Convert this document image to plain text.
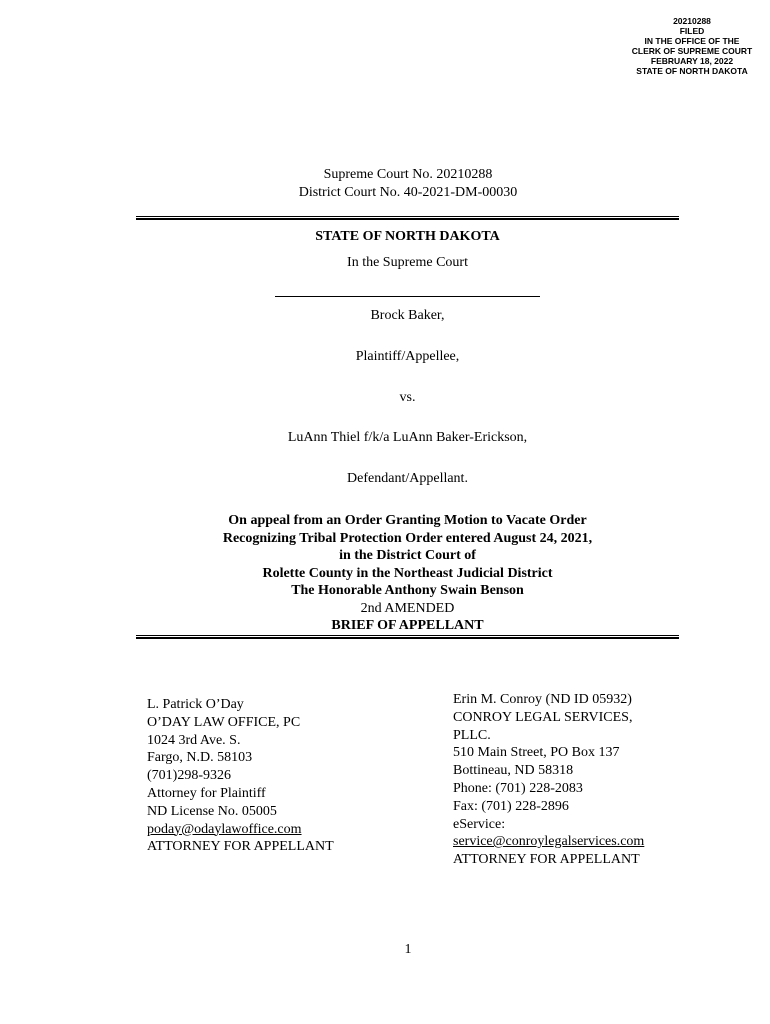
20210288
FILED
IN THE OFFICE OF THE
CLERK OF SUPREME COURT
FEBRUARY 18, 2022
STATE OF NORTH DAKOTA
Supreme Court No. 20210288
District Court No. 40-2021-DM-00030
STATE OF NORTH DAKOTA
In the Supreme Court
Brock Baker,
Plaintiff/Appellee,
vs.
LuAnn Thiel f/k/a LuAnn Baker-Erickson,
Defendant/Appellant.
On appeal from an Order Granting Motion to Vacate Order
Recognizing Tribal Protection Order entered August 24, 2021,
in the District Court of
Rolette County in the Northeast Judicial District
The Honorable Anthony Swain Benson
2nd AMENDED
BRIEF OF APPELLANT
L. Patrick O’Day
O’DAY LAW OFFICE, PC
1024 3rd Ave. S.
Fargo, N.D. 58103
(701)298-9326
Attorney for Plaintiff
ND License No. 05005
poday@odaylawoffice.com
ATTORNEY FOR APPELLANT
Erin M. Conroy (ND ID 05932)
CONROY LEGAL SERVICES,
PLLC.
510 Main Street, PO Box 137
Bottineau, ND 58318
Phone: (701) 228-2083
Fax: (701) 228-2896
eService:
service@conroylegalservices.com
ATTORNEY FOR APPELLANT
1
